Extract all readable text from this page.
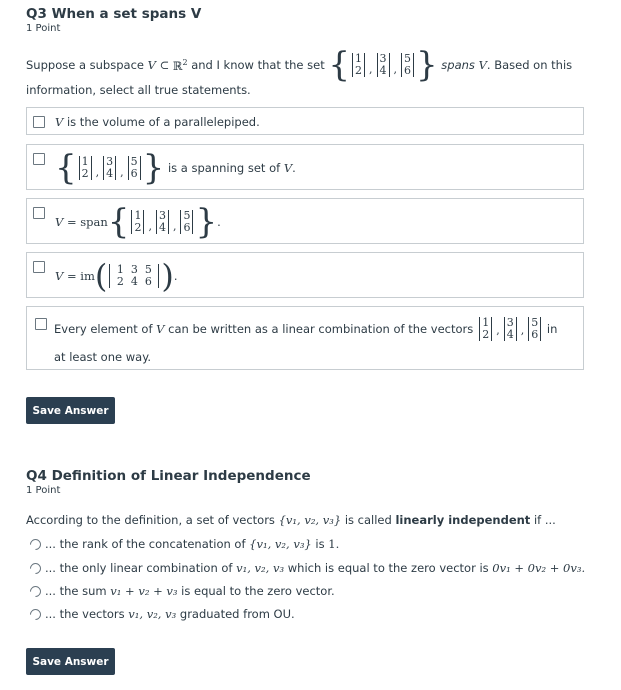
Q3 When a set spans V
1 Point
Suppose a subspace
V
⊂
ℝ$^2$
and I know that the set
{ 1
2 ,
3
4 ,
5
6 }
spans
V . Based on this
information, select all true statements.
V
is the volume of a parallelepiped.
{ 1
2 ,
3
4 ,
5
6 }
is a spanning set of
V .
V
= span { 1
2 ,
3
4 ,
5
6 } .
V
= im ( 1 3 5
2 4 6 ) .
Every element of
V
can be written as a linear combination of the vectors 1
2 ,
3
4 ,
5
6
in
at least one way.
Save Answer
Q4 Definition of Linear Independence
1 Point
According to the definition, a set of vectors
{v₁, v₂, v₃}
is called
linearly independent
if ...
... the rank of the concatenation of
{v₁, v₂, v₃}
is
1.
... the only linear combination of
v₁, v₂, v₃
which is equal to the zero vector is
0v₁ + 0v₂ + 0v₃.
... the sum
v₁ + v₂ + v₃
is equal to the zero vector.
... the vectors
v₁, v₂, v₃
graduated from OU.
Save Answer
